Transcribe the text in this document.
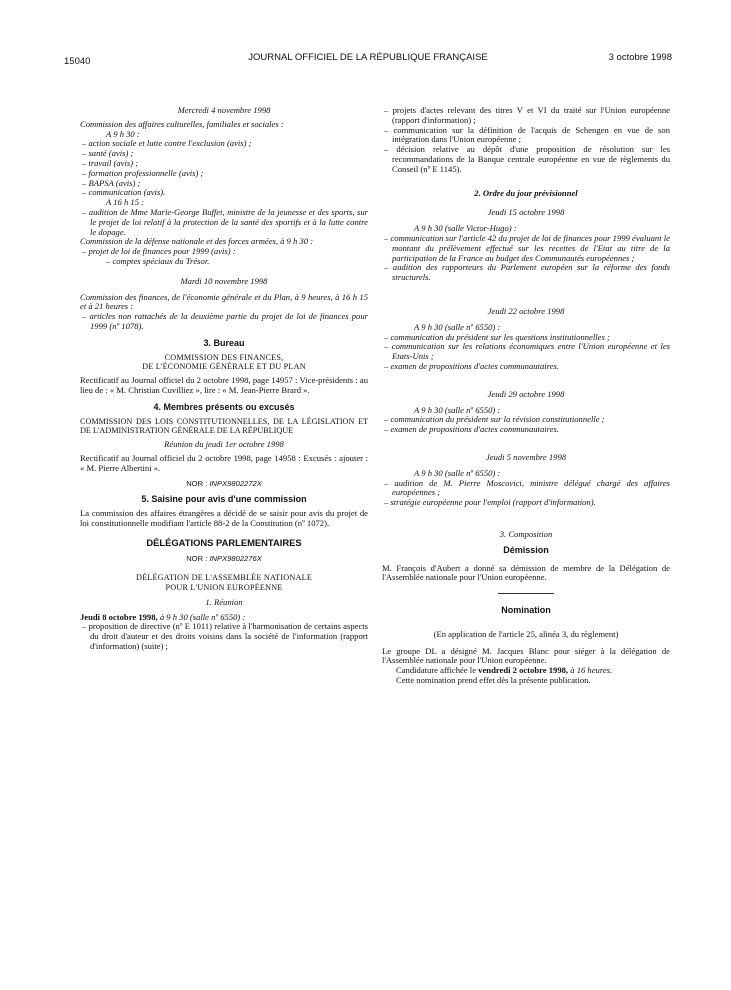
15040	JOURNAL OFFICIEL DE LA RÉPUBLIQUE FRANÇAISE	3 octobre 1998
Mercredi 4 novembre 1998
Commission des affaires culturelles, familiales et sociales :
A 9 h 30 :
– action sociale et lutte contre l'exclusion (avis) ;
– santé (avis) ;
– travail (avis) ;
– formation professionnelle (avis) ;
– BAPSA (avis) ;
– communication (avis).
A 16 h 15 :
– audition de Mme Marie-George Buffet, ministre de la jeunesse et des sports, sur le projet de loi relatif à la protection de la santé des sportifs et à la lutte contre le dopage.
Commission de la défense nationale et des forces armées, à 9 h 30 :
– projet de loi de finances pour 1999 (avis) :
– comptes spéciaux du Trésor.
Mardi 10 novembre 1998
Commission des finances, de l'économie générale et du Plan, à 9 heures, à 16 h 15 et à 21 heures :
– articles non rattachés de la deuxième partie du projet de loi de finances pour 1999 (nº 1078).
3. Bureau
COMMISSION DES FINANCES,
DE L'ÉCONOMIE GÉNÉRALE ET DU PLAN
Rectificatif au Journal officiel du 2 octobre 1998, page 14957 : Vice-présidents : au lieu de : « M. Christian Cuvilliez », lire : « M. Jean-Pierre Brard ».
4. Membres présents ou excusés
COMMISSION DES LOIS CONSTITUTIONNELLES, DE LA LÉGISLATION ET DE L'ADMINISTRATION GÉNÉRALE DE LA RÉPUBLIQUE
Réunion du jeudi 1er octobre 1998
Rectificatif au Journal officiel du 2 octobre 1998, page 14958 : Excusés : ajouter : « M. Pierre Albertini ».
NOR : INPX9802272X
5. Saisine pour avis d'une commission
La commission des affaires étrangères a décidé de se saisir pour avis du projet de loi constitutionnelle modifiant l'article 88-2 de la Constitution (nº 1072).
DÉLÉGATIONS PARLEMENTAIRES
NOR : INPX9802276X
DÉLÉGATION DE L'ASSEMBLÉE NATIONALE
POUR L'UNION EUROPÉENNE
1. Réunion
Jeudi 8 octobre 1998, à 9 h 30 (salle nº 6550) :
– proposition de directive (nº E 1011) relative à l'harmonisation de certains aspects du droit d'auteur et des droits voisins dans la société de l'information (rapport d'information) (suite) ;
– projets d'actes relevant des titres V et VI du traité sur l'Union européenne (rapport d'information) ;
– communication sur la définition de l'acquis de Schengen en vue de son intégration dans l'Union européenne ;
– décision relative au dépôt d'une proposition de résolution sur les recommandations de la Banque centrale européenne en vue de règlements du Conseil (nº E 1145).
2. Ordre du jour prévisionnel
Jeudi 15 octobre 1998
A 9 h 30 (salle Victor-Hugo) :
– communication sur l'article 42 du projet de loi de finances pour 1999 évaluant le montant du prélèvement effectué sur les recettes de l'Etat au titre de la participation de la France au budget des Communautés européennes ;
– audition des rapporteurs du Parlement européen sur la réforme des fonds structurels.
Jeudi 22 octobre 1998
A 9 h 30 (salle nº 6550) :
– communication du président sur les questions institutionnelles ;
– communication sur les relations économiques entre l'Union européenne et les Etats-Unis ;
– examen de propositions d'actes communautaires.
Jeudi 29 octobre 1998
A 9 h 30 (salle nº 6550) :
– communication du président sur la révision constitutionnelle ;
– examen de propositions d'actes communautaires.
Jeudi 5 novembre 1998
A 9 h 30 (salle nº 6550) :
– audition de M. Pierre Moscovici, ministre délégué chargé des affaires européennes ;
– stratégie européenne pour l'emploi (rapport d'information).
3. Composition
Démission
M. François d'Aubert a donné sa démission de membre de la Délégation de l'Assemblée nationale pour l'Union européenne.
Nomination
(En application de l'article 25, alinéa 3, du règlement)
Le groupe DL a désigné M. Jacques Blanc pour siéger à la délégation de l'Assemblée nationale pour l'Union européenne.
Candidature affichée le vendredi 2 octobre 1998, à 16 heures.
Cette nomination prend effet dès la présente publication.
